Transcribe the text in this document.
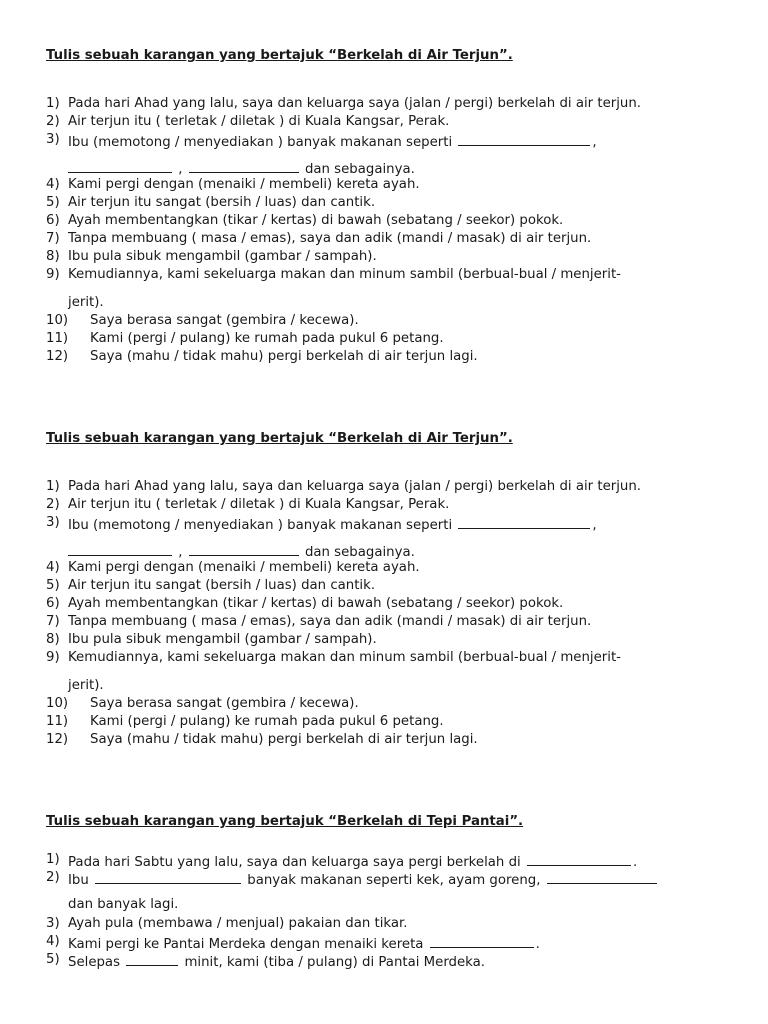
Tulis sebuah karangan yang bertajuk “Berkelah di Air Terjun”.
1) Pada hari Ahad yang lalu, saya dan keluarga saya (jalan / pergi) berkelah di air terjun.
2) Air terjun itu ( terletak / diletak ) di Kuala Kangsar, Perak.
3) Ibu (memotong / menyediakan ) banyak makanan seperti	,
,	dan sebagainya.
4) Kami pergi dengan (menaiki / membeli) kereta ayah.
5) Air terjun itu sangat (bersih / luas) dan cantik.
6) Ayah membentangkan (tikar / kertas) di bawah (sebatang / seekor) pokok.
7) Tanpa membuang ( masa / emas), saya dan adik (mandi / masak) di air terjun.
8) Ibu pula sibuk mengambil (gambar / sampah).
9) Kemudiannya, kami sekeluarga makan dan minum sambil (berbual-bual / menjerit-
jerit).
10) Saya berasa sangat (gembira / kecewa).
11) Kami (pergi / pulang) ke rumah pada pukul 6 petang.
12) Saya (mahu / tidak mahu) pergi berkelah di air terjun lagi.
Tulis sebuah karangan yang bertajuk “Berkelah di Air Terjun”.
1) Pada hari Ahad yang lalu, saya dan keluarga saya (jalan / pergi) berkelah di air terjun.
2) Air terjun itu ( terletak / diletak ) di Kuala Kangsar, Perak.
3) Ibu (memotong / menyediakan ) banyak makanan seperti	,
,	dan sebagainya.
4) Kami pergi dengan (menaiki / membeli) kereta ayah.
5) Air terjun itu sangat (bersih / luas) dan cantik.
6) Ayah membentangkan (tikar / kertas) di bawah (sebatang / seekor) pokok.
7) Tanpa membuang ( masa / emas), saya dan adik (mandi / masak) di air terjun.
8) Ibu pula sibuk mengambil (gambar / sampah).
9) Kemudiannya, kami sekeluarga makan dan minum sambil (berbual-bual / menjerit-
jerit).
10) Saya berasa sangat (gembira / kecewa).
11) Kami (pergi / pulang) ke rumah pada pukul 6 petang.
12) Saya (mahu / tidak mahu) pergi berkelah di air terjun lagi.
Tulis sebuah karangan yang bertajuk “Berkelah di Tepi Pantai”.
1) Pada hari Sabtu yang lalu, saya dan keluarga saya pergi berkelah di	.
2) Ibu	banyak makanan seperti kek, ayam goreng,
dan banyak lagi.
3) Ayah pula (membawa / menjual) pakaian dan tikar.
4) Kami pergi ke Pantai Merdeka dengan menaiki kereta	.
5) Selepas	minit, kami (tiba / pulang) di Pantai Merdeka.
